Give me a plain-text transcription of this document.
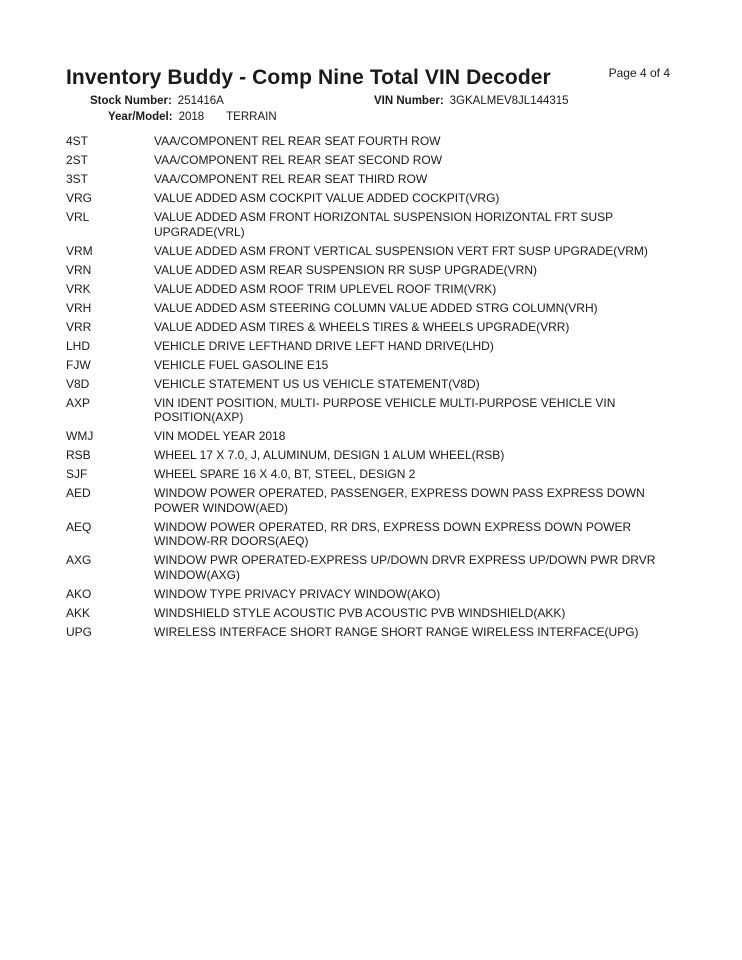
Inventory Buddy - Comp Nine Total VIN Decoder	Page 4 of 4
Stock Number: 251416A	VIN Number: 3GKALMEV8JL144315
Year/Model: 2018 TERRAIN
4ST	VAA/COMPONENT REL REAR SEAT FOURTH ROW
2ST	VAA/COMPONENT REL REAR SEAT SECOND ROW
3ST	VAA/COMPONENT REL REAR SEAT THIRD ROW
VRG	VALUE ADDED ASM COCKPIT VALUE ADDED COCKPIT(VRG)
VRL	VALUE ADDED ASM FRONT HORIZONTAL SUSPENSION HORIZONTAL FRT SUSP UPGRADE(VRL)
VRM	VALUE ADDED ASM FRONT VERTICAL SUSPENSION VERT FRT SUSP UPGRADE(VRM)
VRN	VALUE ADDED ASM REAR SUSPENSION RR SUSP UPGRADE(VRN)
VRK	VALUE ADDED ASM ROOF TRIM UPLEVEL ROOF TRIM(VRK)
VRH	VALUE ADDED ASM STEERING COLUMN VALUE ADDED STRG COLUMN(VRH)
VRR	VALUE ADDED ASM TIRES & WHEELS TIRES & WHEELS UPGRADE(VRR)
LHD	VEHICLE DRIVE LEFTHAND DRIVE LEFT HAND DRIVE(LHD)
FJW	VEHICLE FUEL GASOLINE E15
V8D	VEHICLE STATEMENT US US VEHICLE STATEMENT(V8D)
AXP	VIN IDENT POSITION, MULTI- PURPOSE VEHICLE MULTI-PURPOSE VEHICLE VIN POSITION(AXP)
WMJ	VIN MODEL YEAR 2018
RSB	WHEEL 17 X 7.0, J, ALUMINUM, DESIGN 1 ALUM WHEEL(RSB)
SJF	WHEEL SPARE 16 X 4.0, BT, STEEL, DESIGN 2
AED	WINDOW POWER OPERATED, PASSENGER, EXPRESS DOWN PASS EXPRESS DOWN POWER WINDOW(AED)
AEQ	WINDOW POWER OPERATED, RR DRS, EXPRESS DOWN EXPRESS DOWN POWER WINDOW-RR DOORS(AEQ)
AXG	WINDOW PWR OPERATED-EXPRESS UP/DOWN DRVR EXPRESS UP/DOWN PWR DRVR WINDOW(AXG)
AKO	WINDOW TYPE PRIVACY PRIVACY WINDOW(AKO)
AKK	WINDSHIELD STYLE ACOUSTIC PVB ACOUSTIC PVB WINDSHIELD(AKK)
UPG	WIRELESS INTERFACE SHORT RANGE SHORT RANGE WIRELESS INTERFACE(UPG)
